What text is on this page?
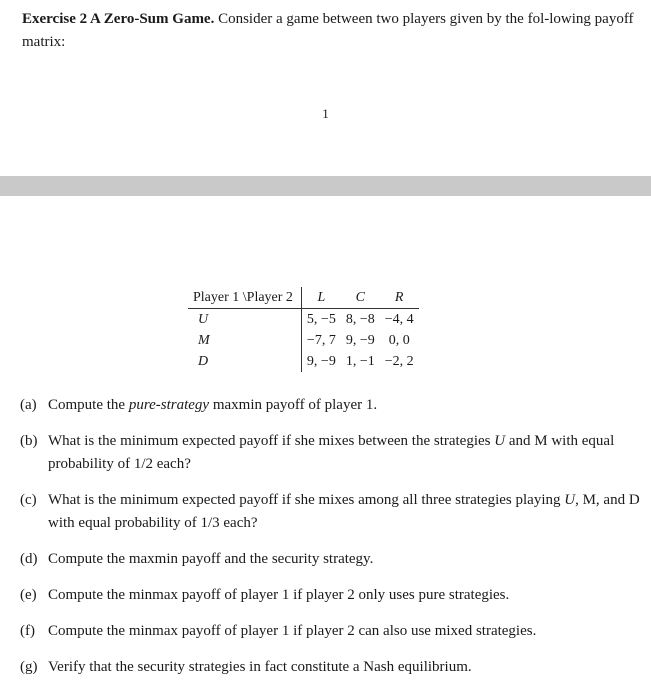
Exercise 2 A Zero-Sum Game. Consider a game between two players given by the fol-lowing payoff matrix:
1
Player 1 \Player 2	L	C	R
U	5, −5	8, −8	−4, 4
M	−7, 7	9, −9	0, 0
D	9, −9	1, −1	−2, 2
(a) Compute the pure-strategy maxmin payoff of player 1.
(b) What is the minimum expected payoff if she mixes between the strategies U and M with equal probability of 1/2 each?
(c) What is the minimum expected payoff if she mixes among all three strategies playing U, M, and D with equal probability of 1/3 each?
(d) Compute the maxmin payoff and the security strategy.
(e) Compute the minmax payoff of player 1 if player 2 only uses pure strategies.
(f) Compute the minmax payoff of player 1 if player 2 can also use mixed strategies.
(g) Verify that the security strategies in fact constitute a Nash equilibrium.
